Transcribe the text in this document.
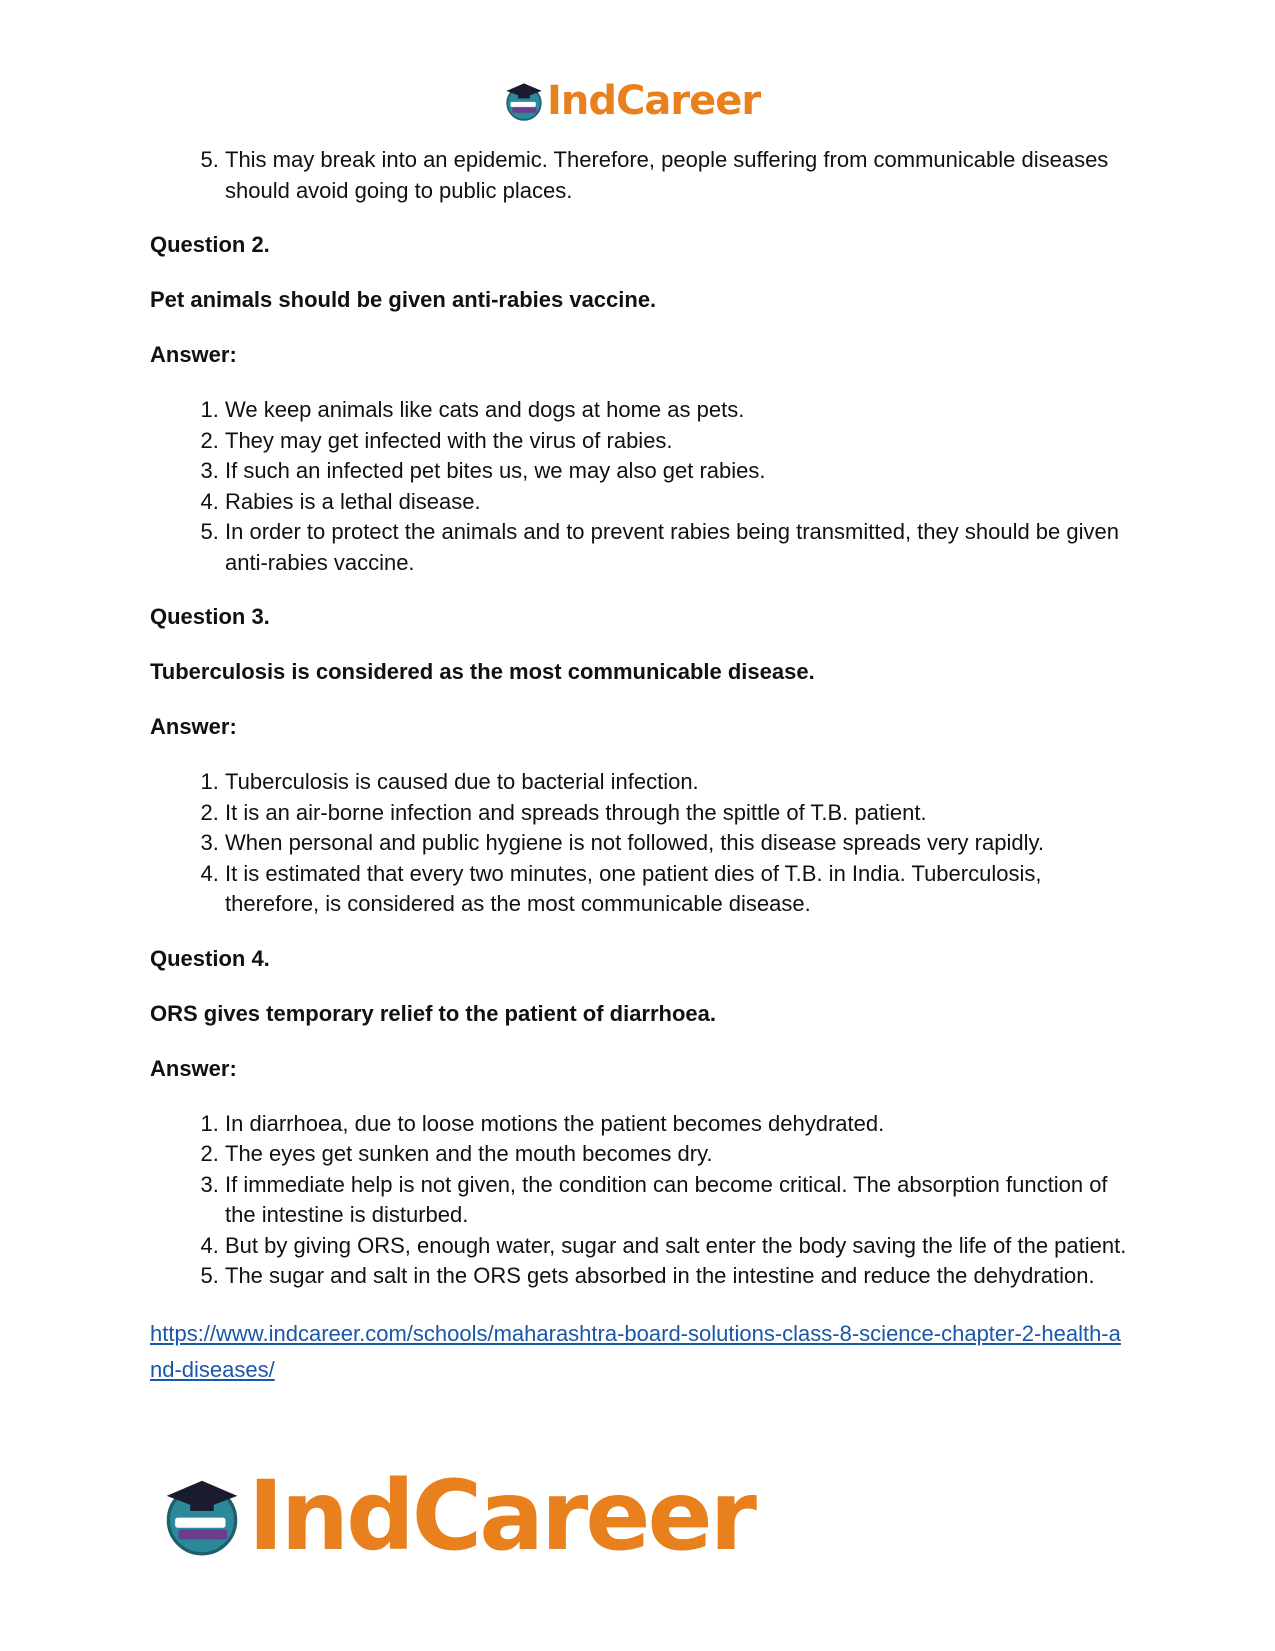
IndCareer
5. This may break into an epidemic. Therefore, people suffering from communicable diseases should avoid going to public places.

Question 2.

Pet animals should be given anti-rabies vaccine.

Answer:

1. We keep animals like cats and dogs at home as pets.
2. They may get infected with the virus of rabies.
3. If such an infected pet bites us, we may also get rabies.
4. Rabies is a lethal disease.
5. In order to protect the animals and to prevent rabies being transmitted, they should be given anti-rabies vaccine.

Question 3.

Tuberculosis is considered as the most communicable disease.

Answer:

1. Tuberculosis is caused due to bacterial infection.
2. It is an air-borne infection and spreads through the spittle of T.B. patient.
3. When personal and public hygiene is not followed, this disease spreads very rapidly.
4. It is estimated that every two minutes, one patient dies of T.B. in India. Tuberculosis, therefore, is considered as the most communicable disease.

Question 4.

ORS gives temporary relief to the patient of diarrhoea.

Answer:

1. In diarrhoea, due to loose motions the patient becomes dehydrated.
2. The eyes get sunken and the mouth becomes dry.
3. If immediate help is not given, the condition can become critical. The absorption function of the intestine is disturbed.
4. But by giving ORS, enough water, sugar and salt enter the body saving the life of the patient.
5. The sugar and salt in the ORS gets absorbed in the intestine and reduce the dehydration.
https://www.indcareer.com/schools/maharashtra-board-solutions-class-8-science-chapter-2-health-and-diseases/
IndCareer
